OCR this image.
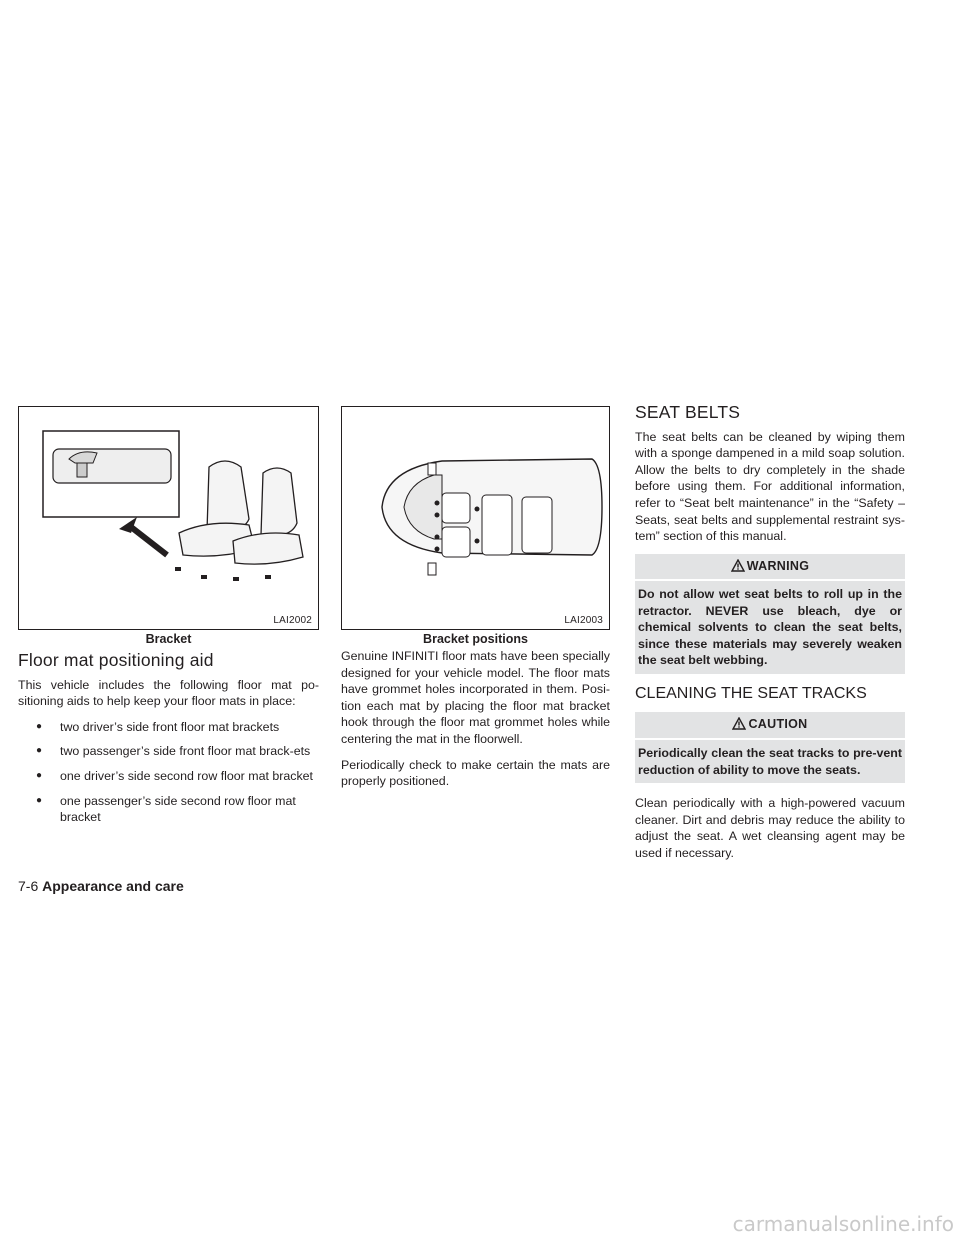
LAI2002
Bracket
LAI2003
Bracket positions
Floor mat positioning aid

This vehicle includes the following floor mat po-sitioning aids to help keep your floor mats in place:

● two driver’s side front floor mat brackets
● two passenger’s side front floor mat brack-ets
● one driver’s side second row floor mat bracket
● one passenger’s side second row floor mat bracket

Genuine INFINITI floor mats have been specially designed for your vehicle model. The floor mats have grommet holes incorporated in them. Posi-tion each mat by placing the floor mat bracket hook through the floor mat grommet holes while centering the mat in the floorwell.

Periodically check to make certain the mats are properly positioned.

SEAT BELTS

The seat belts can be cleaned by wiping them with a sponge dampened in a mild soap solution. Allow the belts to dry completely in the shade before using them. For additional information, refer to “Seat belt maintenance” in the “Safety – Seats, seat belts and supplemental restraint sys-tem” section of this manual.

WARNING
Do not allow wet seat belts to roll up in the retractor. NEVER use bleach, dye or chemical solvents to clean the seat belts, since these materials may severely weaken the seat belt webbing.
CLEANING THE SEAT TRACKS
CAUTION
Periodically clean the seat tracks to pre-vent reduction of ability to move the seats.

Clean periodically with a high-powered vacuum cleaner. Dirt and debris may reduce the ability to adjust the seat. A wet cleansing agent may be used if necessary.

7-6 Appearance and care
carmanualsonline.info
